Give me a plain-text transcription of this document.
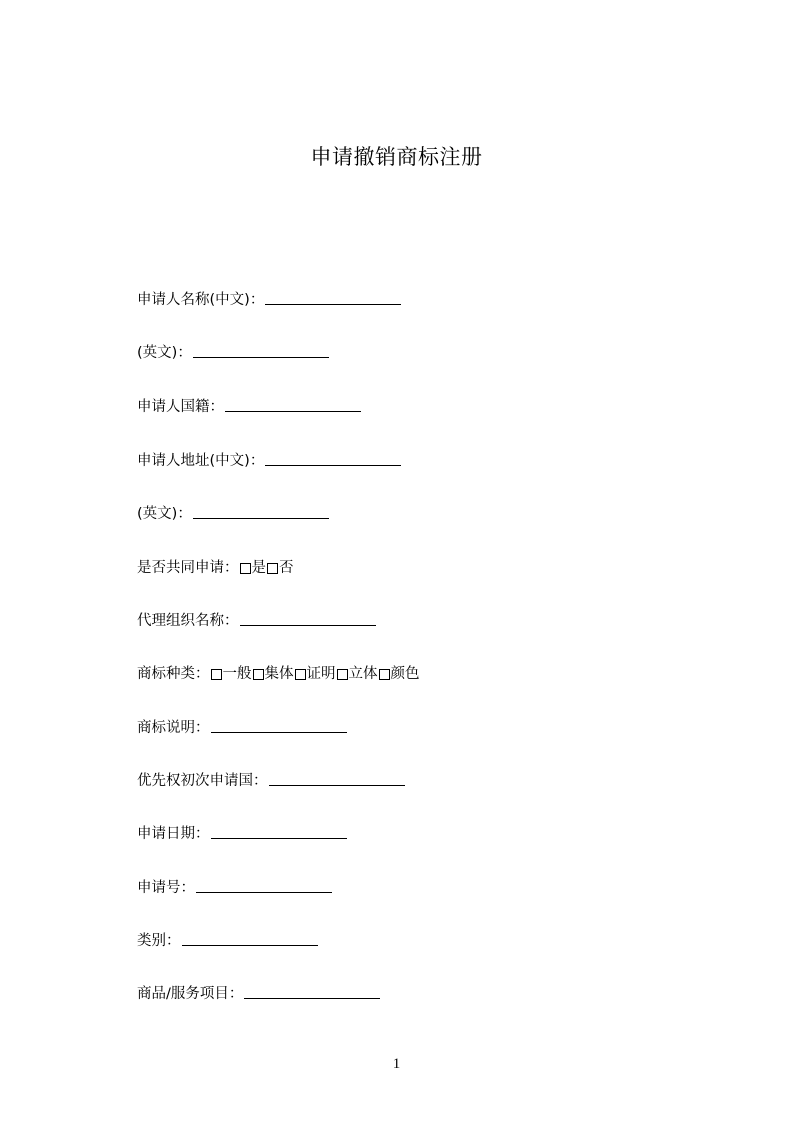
申请撤销商标注册
申请人名称(中文)：
(英文)：
申请人国籍：
申请人地址(中文)：
(英文)：
是否共同申请： 是 否
代理组织名称：
商标种类： 一般 集体 证明 立体 颜色
商标说明：
优先权初次申请国：
申请日期：
申请号：
类别：
商品/服务项目：
1
